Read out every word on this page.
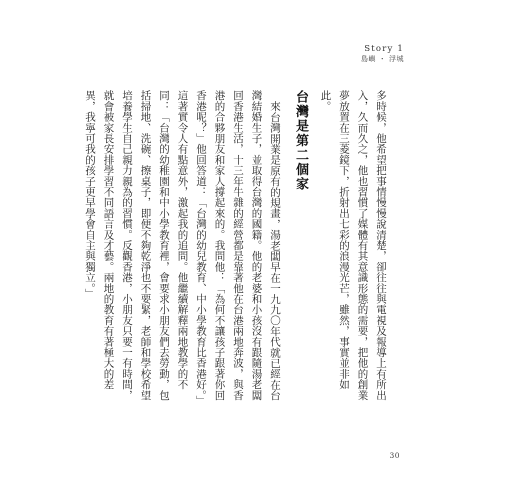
Story 1
島嶼 ・ 浮城

多時候，他希望把事情慢慢說清楚，卻往往與電視及報導上有所出入，久而久之，他也習慣了媒體有其意識形態的需要，把他的創業夢放置在三菱鏡下，折射出七彩的浪漫光芒，雖然，事實並非如此。

台灣是第二個家

來台灣開業是原有的規畫，湯老闆早在一九九〇年代就已經在台灣結婚生子，並取得台灣的國籍。他的老婆和小孩沒有跟隨湯老闆回香港生活，十三年牛雜的經營都是靠著他在台港兩地奔波，與香港的合夥朋友和家人撐起來的。我問他：「為何不讓孩子跟著你回香港呢？」他回答道：「台灣的幼兒教育、中小學教育比香港好。」這著實令人有點意外，激起我的追問。他繼續解釋兩地教學的不同：「台灣的幼稚園和中小學教育裡，會要求小朋友們去勞動，包括掃地、洗碗、擦桌子，即便不夠乾淨也不要緊，老師和學校希望培養學生自己親力親為的習慣。反觀香港，小朋友只要一有時間，就會被家長安排學習不同語言及才藝。兩地的教育有著極大的差異，我寧可我的孩子更早學會自主與獨立。」

30
